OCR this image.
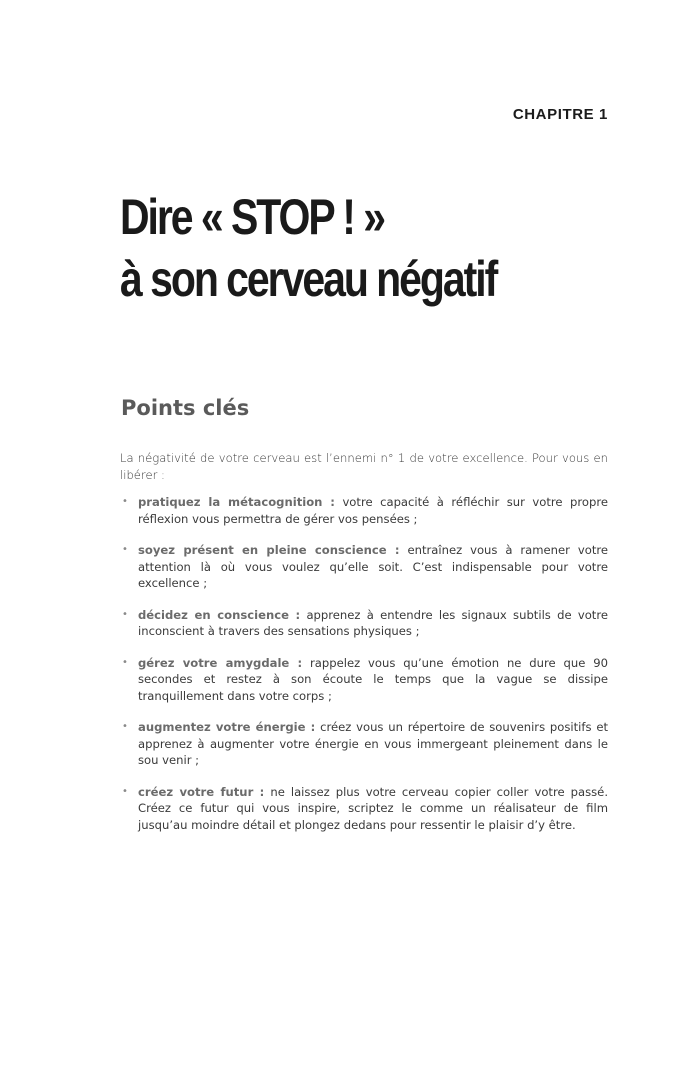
CHAPITRE 1
Dire « STOP ! »
à son cerveau négatif
Points clés

La négativité de votre cerveau est l’ennemi n° 1 de votre excellence. Pour vous en libérer :

• pratiquez la métacognition : votre capacité à réfléchir sur votre propre réflexion vous permettra de gérer vos pensées ;
• soyez présent en pleine conscience : entraînez vous à ramener votre attention là où vous voulez qu’elle soit. C’est indispensable pour votre excellence ;
• décidez en conscience : apprenez à entendre les signaux subtils de votre inconscient à travers des sensations physiques ;
• gérez votre amygdale : rappelez vous qu’une émotion ne dure que 90 secondes et restez à son écoute le temps que la vague se dissipe tranquillement dans votre corps ;
• augmentez votre énergie : créez vous un répertoire de souvenirs positifs et apprenez à augmenter votre énergie en vous immergeant pleinement dans le sou venir ;
• créez votre futur : ne laissez plus votre cerveau copier coller votre passé. Créez ce futur qui vous inspire, scriptez le comme un réalisateur de film jusqu’au moindre détail et plongez dedans pour ressentir le plaisir d’y être.
